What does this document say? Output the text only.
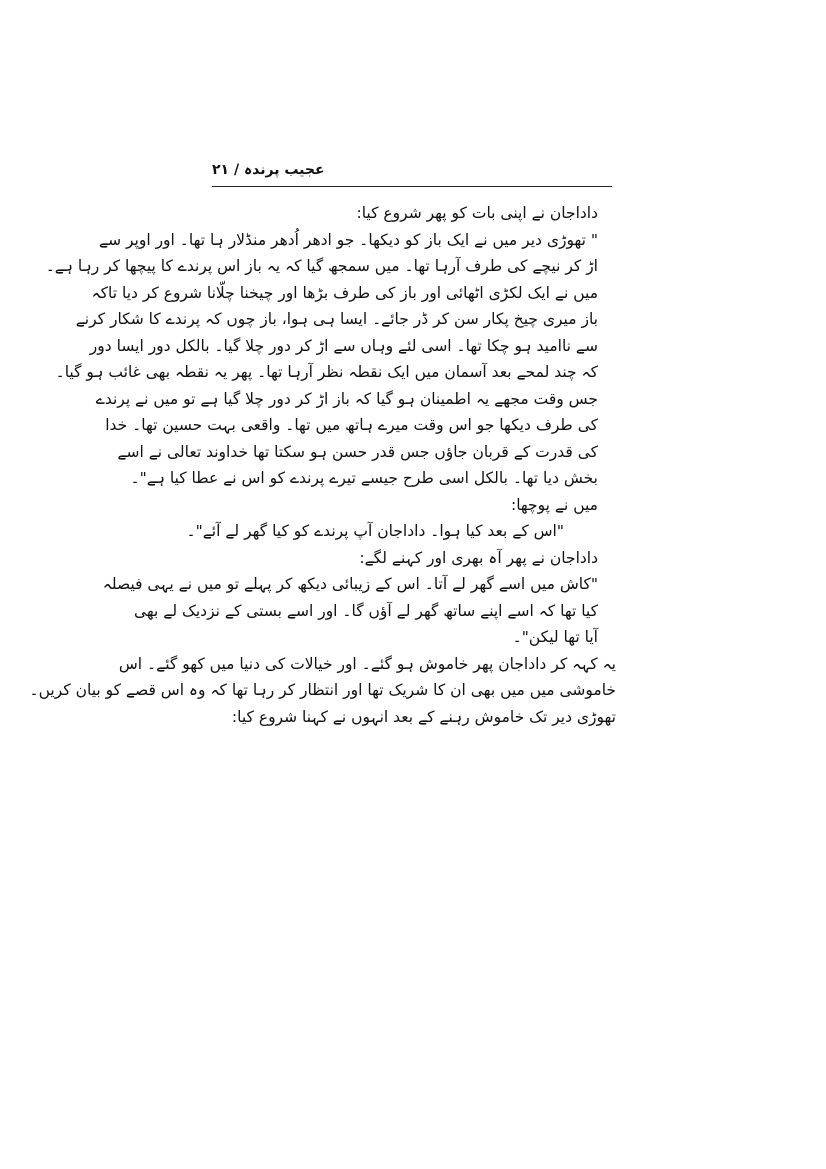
عجیب پرندہ / ۲۱
داداجان نے اپنی بات کو پھر شروع کیا:
" تھوڑی دیر میں نے ایک باز کو دیکھا۔ جو ادھر اُدھر منڈلار ہا تھا۔ اور اوپر سے
اڑ کر نیچے کی طرف آرہا تھا۔ میں سمجھ گیا کہ یہ باز اس پرندے کا پیچھا کر رہا ہے۔
میں نے ایک لکڑی اٹھائی اور باز کی طرف بڑھا اور چیخنا چلّانا شروع کر دیا تاکہ
باز میری چیخ پکار سن کر ڈر جائے۔ ایسا ہی ہوا، باز چوں کہ پرندے کا شکار کرنے
سے ناامید ہو چکا تھا۔ اسی لئے وہاں سے اڑ کر دور چلا گیا۔ بالکل دور ایسا دور
کہ چند لمحے بعد آسمان میں ایک نقطہ نظر آرہا تھا۔ پھر یہ نقطہ بھی غائب ہو گیا۔
جس وقت مجھے یہ اطمینان ہو گیا کہ باز اڑ کر دور چلا گیا ہے تو میں نے پرندے
کی طرف دیکھا جو اس وقت میرے ہاتھ میں تھا۔ واقعی بہت حسین تھا۔ خدا
کی قدرت کے قربان جاؤں جس قدر حسن ہو سکتا تھا خداوند تعالی نے اسے
بخش دیا تھا۔ بالکل اسی طرح جیسے تیرے پرندے کو اس نے عطا کیا ہے"۔
میں نے پوچھا:
"اس کے بعد کیا ہوا۔ داداجان آپ پرندے کو کیا گھر لے آئے"۔
داداجان نے پھر آہ بھری اور کہنے لگے:
"کاش میں اسے گھر لے آتا۔ اس کے زیبائی دیکھ کر پہلے تو میں نے یہی فیصلہ
کیا تھا کہ اسے اپنے ساتھ گھر لے آؤں گا۔ اور اسے بستی کے نزدیک لے بھی
آیا تھا لیکن"۔
یہ کہہ کر داداجان پھر خاموش ہو گئے۔ اور خیالات کی دنیا میں کھو گئے۔ اس
خاموشی میں میں بھی ان کا شریک تھا اور انتظار کر رہا تھا کہ وہ اس قصے کو بیان کریں۔
تھوڑی دیر تک خاموش رہنے کے بعد انہوں نے کہنا شروع کیا:
